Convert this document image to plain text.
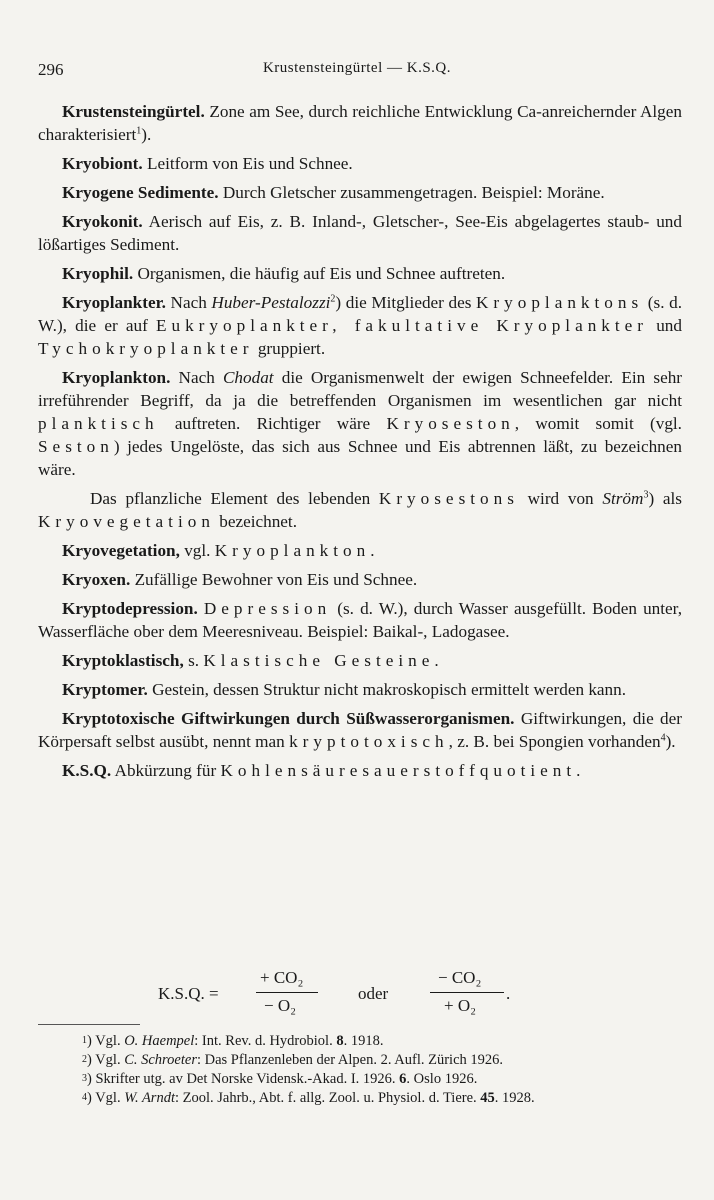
296	Krustensteingürtel — K.S.Q.

Krustensteingürtel. Zone am See, durch reichliche Entwicklung Ca-anreichernder Algen charakterisiert$^1$).

Kryobiont. Leitform von Eis und Schnee.

Kryogene Sedimente. Durch Gletscher zusammengetragen. Beispiel: Moräne.

Kryokonit. Aerisch auf Eis, z. B. Inland-, Gletscher-, See-Eis abgelagertes staub- und lößartiges Sediment.

Kryophil. Organismen, die häufig auf Eis und Schnee auftreten.

Kryoplankter. Nach Huber-Pestalozzi$^2$) die Mitglieder des Kryoplanktons (s. d. W.), die er auf Eukryoplankter, fakultative Kryoplankter und Tychokryoplankter gruppiert.

Kryoplankton. Nach Chodat die Organismenwelt der ewigen Schneefelder. Ein sehr irreführender Begriff, da ja die betreffenden Organismen im wesentlichen gar nicht planktisch auftreten. Richtiger wäre Kryoseston, womit somit (vgl. Seston) jedes Ungelöste, das sich aus Schnee und Eis abtrennen läßt, zu bezeichnen wäre.

Das pflanzliche Element des lebenden Kryosestons wird von Ström$^3$) als Kryovegetation bezeichnet.

Kryovegetation, vgl. Kryoplankton.

Kryoxen. Zufällige Bewohner von Eis und Schnee.

Kryptodepression. Depression (s. d. W.), durch Wasser ausgefüllt. Boden unter, Wasserfläche ober dem Meeresniveau. Beispiel: Baikal-, Ladogasee.

Kryptoklastisch, s. Klastische Gesteine.

Kryptomer. Gestein, dessen Struktur nicht makroskopisch ermittelt werden kann.

Kryptotoxische Giftwirkungen durch Süßwasserorganismen. Giftwirkungen, die der Körpersaft selbst ausübt, nennt man kryptotoxisch, z. B. bei Spongien vorhanden$^4$).

K.S.Q. Abkürzung für Kohlensäuresauerstoffquotient.

K.S.Q. =
+ CO₂
− O₂
oder
− CO₂
+ O₂
.

$^1$) Vgl. O. Haempel: Int. Rev. d. Hydrobiol. 8. 1918.

$^2$) Vgl. C. Schroeter: Das Pflanzenleben der Alpen. 2. Aufl. Zürich 1926.

$^3$) Skrifter utg. av Det Norske Vidensk.-Akad. I. 1926. 6. Oslo 1926.

$^4$) Vgl. W. Arndt: Zool. Jahrb., Abt. f. allg. Zool. u. Physiol. d. Tiere. 45. 1928.
